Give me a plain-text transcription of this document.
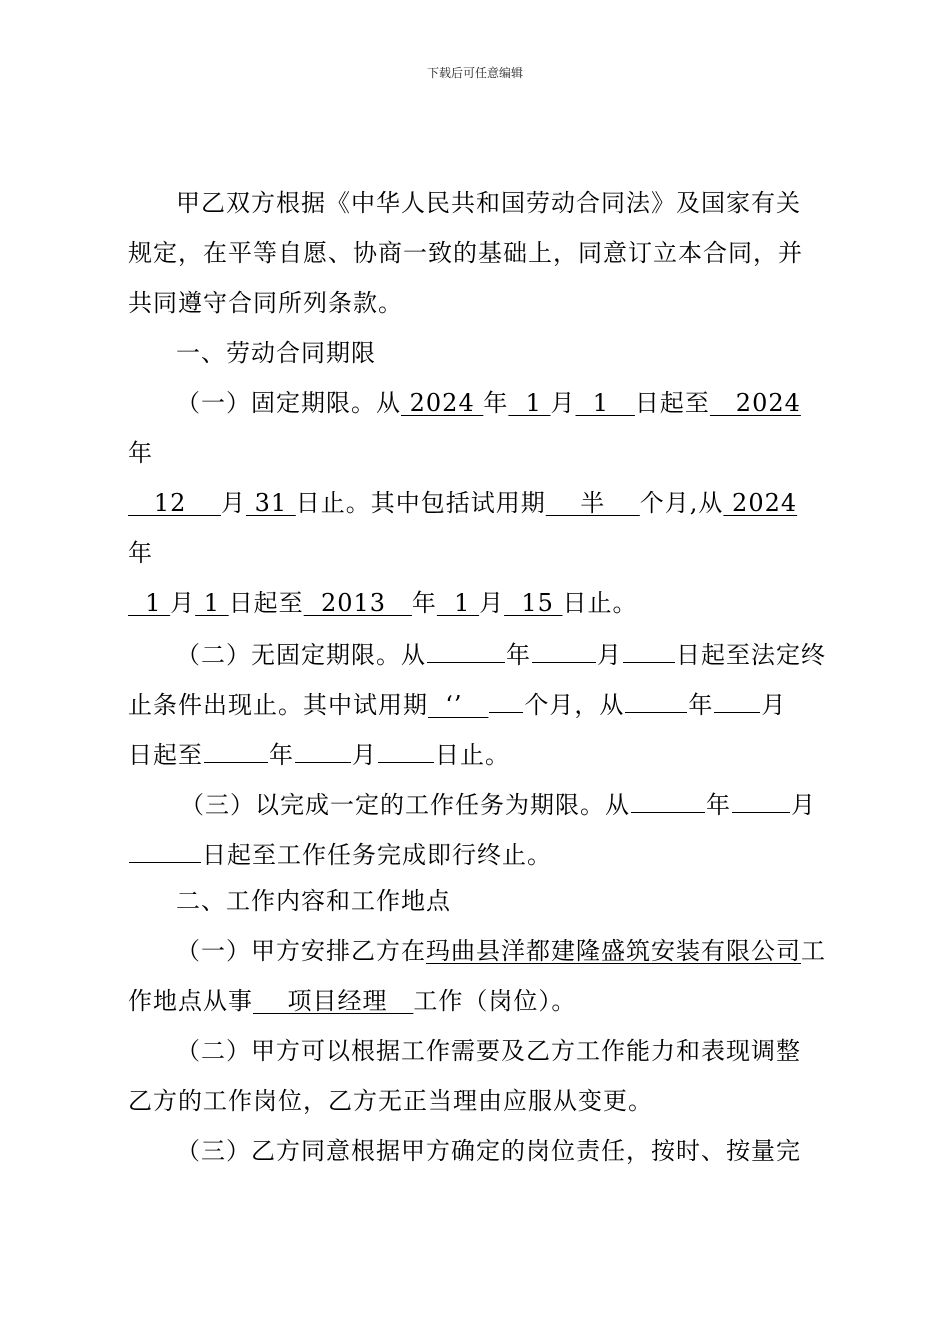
下载后可任意编辑
甲乙双方根据《中华人民共和国劳动合同法》及国家有关
规定，在平等自愿、协商一致的基础上，同意订立本合同，并
共同遵守合同所列条款。
一、劳动合同期限
（一）固定期限。从 2024 年  1 月  1   日起至   2024
年
12    月 31 日止。其中包括试用期    半    个月,从 2024
年
1 月 1 日起至  2013   年  1 月  15 日止。
（二）无固定期限。从	年	月 日起至法定终
止条件出现止。其中试用期  ‘’   个月，从	年 月
日起至	年 月 日止。
（三）以完成一定的工作任务为期限。从	年	月
日起至工作任务完成即行终止。
二、工作内容和工作地点
（一）甲方安排乙方在玛曲县洋都建隆盛筑安装有限公司工
作地点从事    项目经理   工作（岗位）。
（二）甲方可以根据工作需要及乙方工作能力和表现调整
乙方的工作岗位，乙方无正当理由应服从变更。
（三）乙方同意根据甲方确定的岗位责任，按时、按量完
